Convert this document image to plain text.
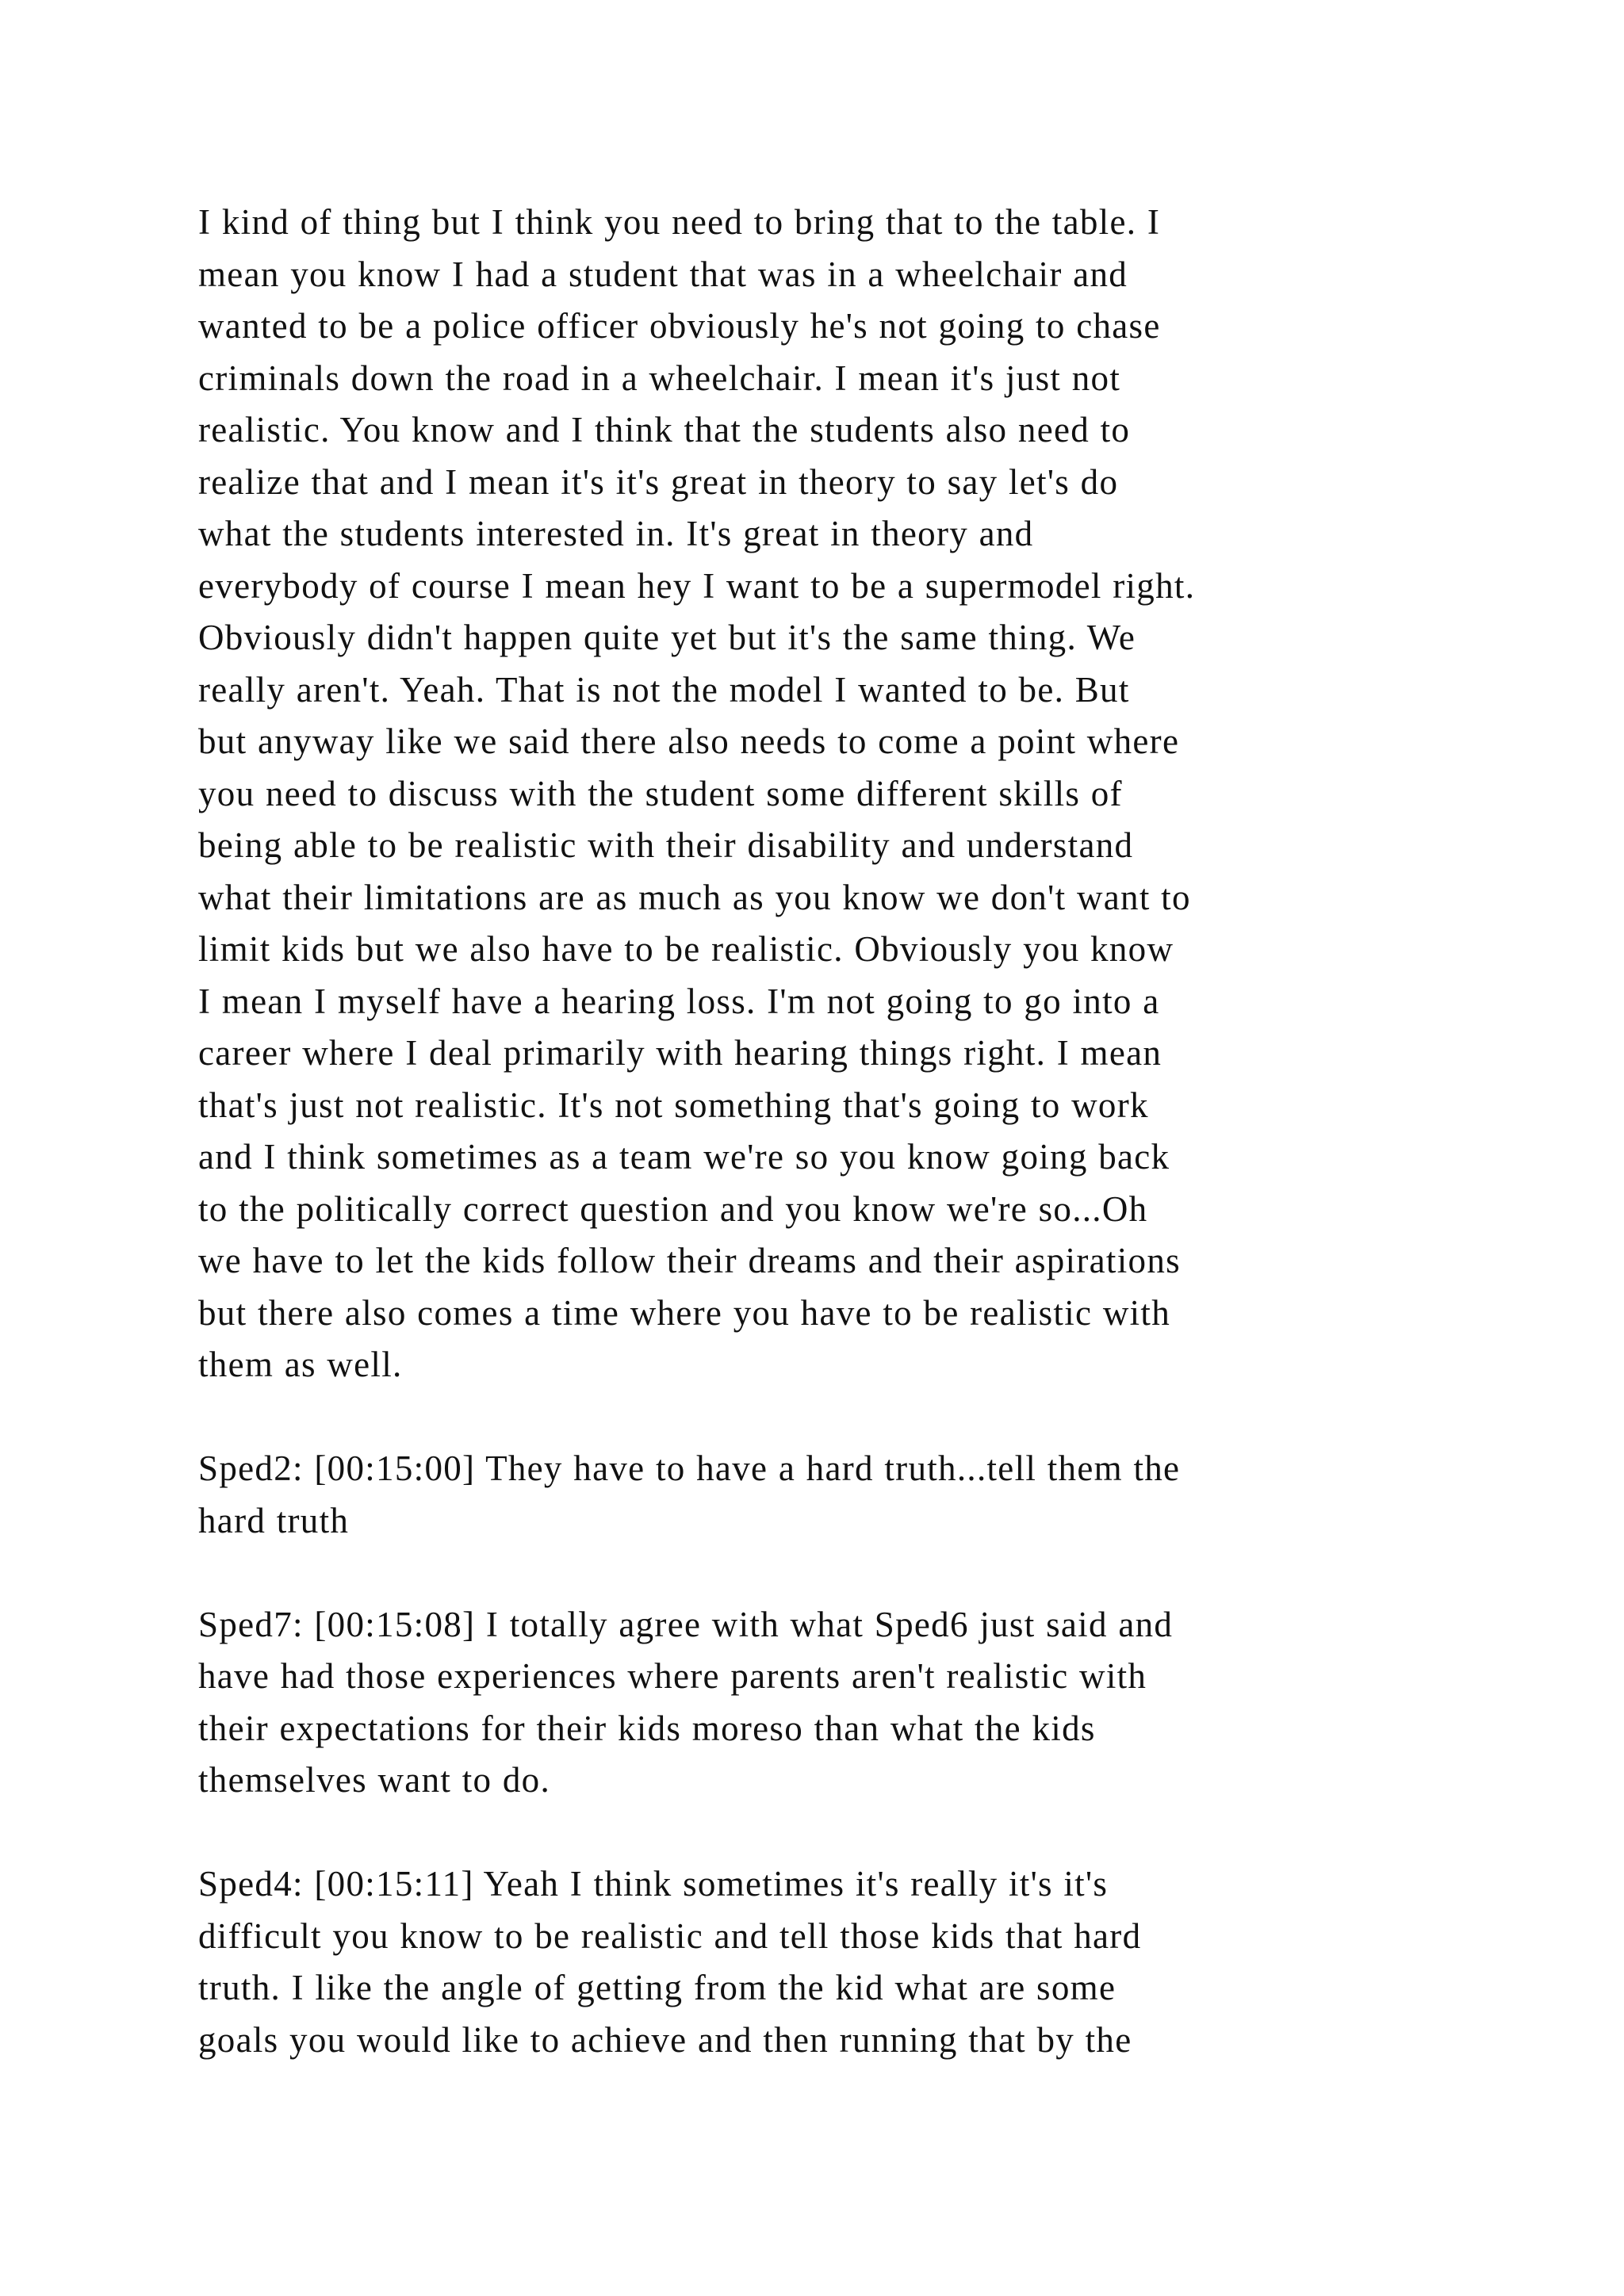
I kind of thing but I think you need to bring that to the table. I
mean you know I had a student that was in a wheelchair and
wanted to be a police officer obviously he's not going to chase
criminals down the road in a wheelchair. I mean it's just not
realistic. You know and I think that the students also need to
realize that and I mean it's it's great in theory to say let's do
what the students interested in. It's great in theory and
everybody of course I mean hey I want to be a supermodel right.
Obviously didn't happen quite yet but it's the same thing. We
really aren't. Yeah. That is not the model I wanted to be. But
but anyway like we said there also needs to come a point where
you need to discuss with the student some different skills of
being able to be realistic with their disability and understand
what their limitations are as much as you know we don't want to
limit kids but we also have to be realistic. Obviously you know
I mean I myself have a hearing loss. I'm not going to go into a
career where I deal primarily with hearing things right. I mean
that's just not realistic. It's not something that's going to work
and I think sometimes as a team we're so you know going back
to the politically correct question and you know we're so...Oh
we have to let the kids follow their dreams and their aspirations
but there also comes a time where you have to be realistic with
them as well.
Sped2: [00:15:00] They have to have a hard truth...tell them the
hard truth
Sped7: [00:15:08] I totally agree with what Sped6 just said and
have had those experiences where parents aren't realistic with
their expectations for their kids moreso than what the kids
themselves want to do.
Sped4: [00:15:11] Yeah I think sometimes it's really it's it's
difficult you know to be realistic and tell those kids that hard
truth. I like the angle of getting from the kid what are some
goals you would like to achieve and then running that by the
